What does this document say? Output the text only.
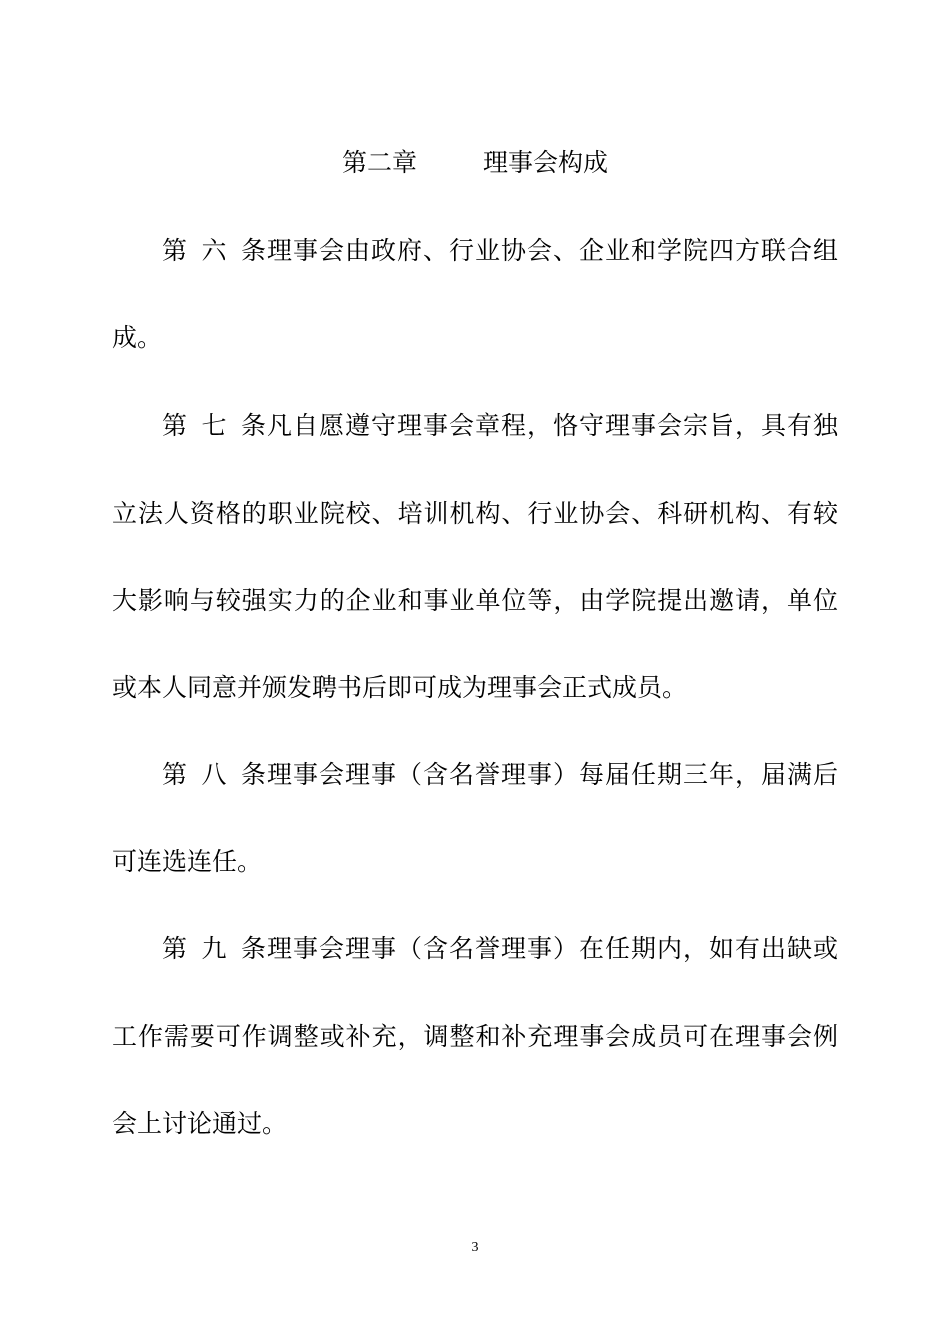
第二章	理事会构成
第六条理事会由政府、行业协会、企业和学院四方联合组
成。
第七条凡自愿遵守理事会章程，恪守理事会宗旨，具有独
立法人资格的职业院校、培训机构、行业协会、科研机构、有较
大影响与较强实力的企业和事业单位等，由学院提出邀请，单位
或本人同意并颁发聘书后即可成为理事会正式成员。
第八条理事会理事（含名誉理事）每届任期三年，届满后
可连选连任。
第九条理事会理事（含名誉理事）在任期内，如有出缺或
工作需要可作调整或补充，调整和补充理事会成员可在理事会例
会上讨论通过。
3
